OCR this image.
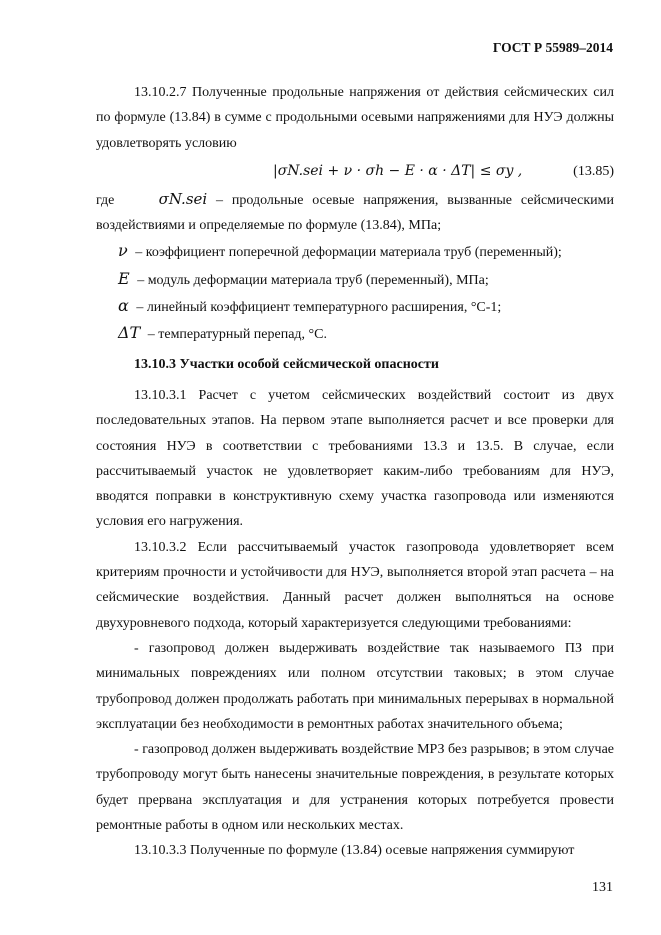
ГОСТ Р 55989–2014

13.10.2.7 Полученные продольные напряжения от действия сейсмических сил по формуле (13.84) в сумме с продольными осевыми напряжениями для НУЭ должны удовлетворять условию

|σN.sei + ν · σh − E · α · ΔT| ≤ σy ,	(13.85)

где	σN.sei – продольные осевые напряжения, вызванные сейсмическими воздействиями и определяемые по формуле (13.84), МПа;

ν – коэффициент поперечной деформации материала труб (переменный);

E – модуль деформации материала труб (переменный), МПа;

α – линейный коэффициент температурного расширения, °С-1;

ΔT – температурный перепад, °С.

13.10.3 Участки особой сейсмической опасности

13.10.3.1 Расчет с учетом сейсмических воздействий состоит из двух последовательных этапов. На первом этапе выполняется расчет и все проверки для состояния НУЭ в соответствии с требованиями 13.3 и 13.5. В случае, если рассчитываемый участок не удовлетворяет каким-либо требованиям для НУЭ, вводятся поправки в конструктивную схему участка газопровода или изменяются условия его нагружения.

13.10.3.2 Если рассчитываемый участок газопровода удовлетворяет всем критериям прочности и устойчивости для НУЭ, выполняется второй этап расчета – на сейсмические воздействия. Данный расчет должен выполняться на основе двухуровневого подхода, который характеризуется следующими требованиями:

- газопровод должен выдерживать воздействие так называемого ПЗ при минимальных повреждениях или полном отсутствии таковых; в этом случае трубопровод должен продолжать работать при минимальных перерывах в нормальной эксплуатации без необходимости в ремонтных работах значительного объема;

- газопровод должен выдерживать воздействие МРЗ без разрывов; в этом случае трубопроводу могут быть нанесены значительные повреждения, в результате которых будет прервана эксплуатация и для устранения которых потребуется провести ремонтные работы в одном или нескольких местах.

13.10.3.3 Полученные по формуле (13.84) осевые напряжения суммируют

131
